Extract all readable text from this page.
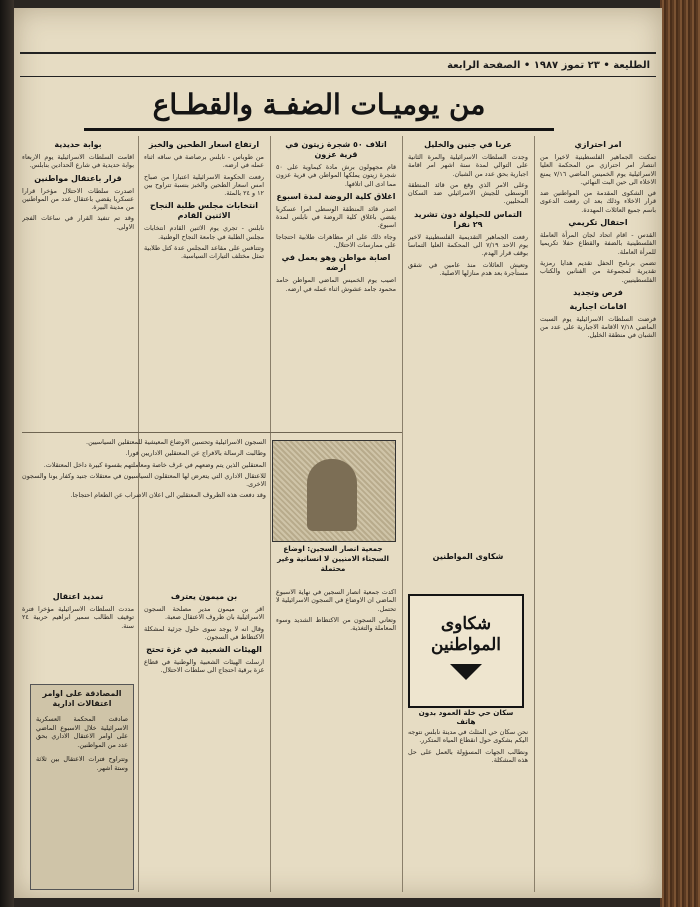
الطليعة • ٢٣ تموز ١٩٨٧ • الصفحة الرابعة
من يوميـات الضفـة والقطـاع
امر احترازي

تمكنت الجماهير الفلسطينية لاخيرا من انتصار امر احترازي من المحكمة العليا الاسرائيلية يوم الخميس الماضي ٧/١٦ يمنع الاخلاء الى حين البت النهائي.

في الشكوى المقدمة من المواطنين ضد قرار الاخلاء وذلك بعد ان رفعت الدعوى باسم جميع العائلات المهددة.

احتفال تكريمي

القدس - اقام اتحاد لجان المرأة العاملة الفلسطينية بالضفة والقطاع حفلا تكريميا للمرأة العاملة.

تضمن برنامج الحفل تقديم هدايا رمزية تقديرية لمجموعة من الفنانين والكتاب الفلسطينيين.

فرص وتجديد
اقامات اجبارية

فرضت السلطات الاسرائيلية يوم السبت الماضي ٧/١٨ الاقامة الاجبارية على عدد من الشبان في منطقة الخليل.

عربا في جنين والخليل

وجدت السلطات الاسرائيلية والمرة الثانية على التوالي لمدة سنة اشهر امر اقامة اجبارية بحق عدد من الشبان.

وعلى الامر الذي وقع من قائد المنطقة الوسطى للجيش الاسرائيلي ضد السكان المحليين.

التماس للحيلولة دون تشريد ٢٩ نفرا

رفعت الجماهير التقديمية الفلسطينية لاخير يوم الاحد ٧/١٩ الى المحكمة العليا التماسا بوقف قرار الهدم.

وتعيش العائلات منذ عامين في شقق مستأجرة بعد هدم منازلها الاصلية.

اتلاف ٥٠ شجرة زيتون في قرية عزون

قام مجهولون برش مادة كيماوية على ٥٠ شجرة زيتون يملكها المواطن في قرية عزون مما ادى الى اتلافها.

اغلاق كلية الروضة لمدة اسبوع

اصدر قائد المنطقة الوسطى امرا عسكريا يقضي باغلاق كلية الروضة في نابلس لمدة اسبوع.

وجاء ذلك على اثر مظاهرات طلابية احتجاجا على ممارسات الاحتلال.

اصابة مواطن وهو يعمل في ارضه

اصيب يوم الخميس الماضي المواطن حامد محمود جامد عشوش اثناء عمله في ارضه.

ارتفاع اسعار الطحين والخبز

من طوباس - نابلس برصاصة في ساقه اثناء عمله في ارضه.

رفعت الحكومة الاسرائيلية اعتبارا من صباح امس اسعار الطحين والخبز بنسبة تتراوح بين ١٢ و ٢٤ بالمئة.

انتخابات مجلس طلبة النجاح الاثنين القادم

نابلس - تجري يوم الاثنين القادم انتخابات مجلس الطلبة في جامعة النجاح الوطنية.

وتتنافس على مقاعد المجلس عدة كتل طلابية تمثل مختلف التيارات السياسية.

بوابة حديدية

اقامت السلطات الاسرائيلية يوم الاربعاء بوابة حديدية في شارع الحدادين بنابلس.

قرار باعتقال مواطنين

اصدرت سلطات الاحتلال مؤخرا قرارا عسكريا يقضي باعتقال عدد من المواطنين من مدينة البيرة.

وقد تم تنفيذ القرار في ساعات الفجر الاولى.

السجون الاسرائيلية وتحسين الاوضاع المعيشية للمعتقلين السياسيين.

وطالبت الرسالة بالافراج عن المعتقلين الاداريين فورا.

المعتقلين الذين يتم وضعهم في غرف خاصة ومعاملتهم بقسوة كبيرة داخل المعتقلات.

للاعتقال الاداري التي يتعرض لها المعتقلون السياسيون في معتقلات جنيد وكفار يونا والسجون الاخرى.

وقد دفعت هذه الظروف المعتقلين الى اعلان الاضراب عن الطعام احتجاجا.

جمعية انصار السجين: اوضاع السجناء الامنيين لا انسانية وغير محتملة

اكدت جمعية انصار السجين في نهاية الاسبوع الماضي ان الاوضاع في السجون الاسرائيلية لا تحتمل.

وتعاني السجون من الاكتظاظ الشديد وسوء المعاملة والتغذية.

بن ميمون يعترف

اقر بن ميمون مدير مصلحة السجون الاسرائيلية بان ظروف الاعتقال صعبة.

وقال انه لا يوجد سوى حلول جزئية لمشكلة الاكتظاظ في السجون.

الهيئات الشعبية في غزة تحتج

ارسلت الهيئات الشعبية والوطنية في قطاع غزة برقية احتجاج الى سلطات الاحتلال.

تمديد اعتقال

مددت السلطات الاسرائيلية مؤخرا فترة توقيف الطالب سمير ابراهيم حربية ٢٤ سنة.

المصادقة على اوامر اعتقالات ادارية

صادقت المحكمة العسكرية الاسرائيلية خلال الاسبوع الماضي على اوامر الاعتقال الاداري بحق عدد من المواطنين.

وتتراوح فترات الاعتقال بين ثلاثة وستة اشهر.

شكاوى المواطنين
سكان حي خلة العمود بدون هاتف

نحن سكان حي المثلث في مدينة نابلس نتوجه اليكم بشكوى حول انقطاع المياه المتكرر.

ونطالب الجهات المسؤولة بالعمل على حل هذه المشكلة.

شكاوى المواطنين
